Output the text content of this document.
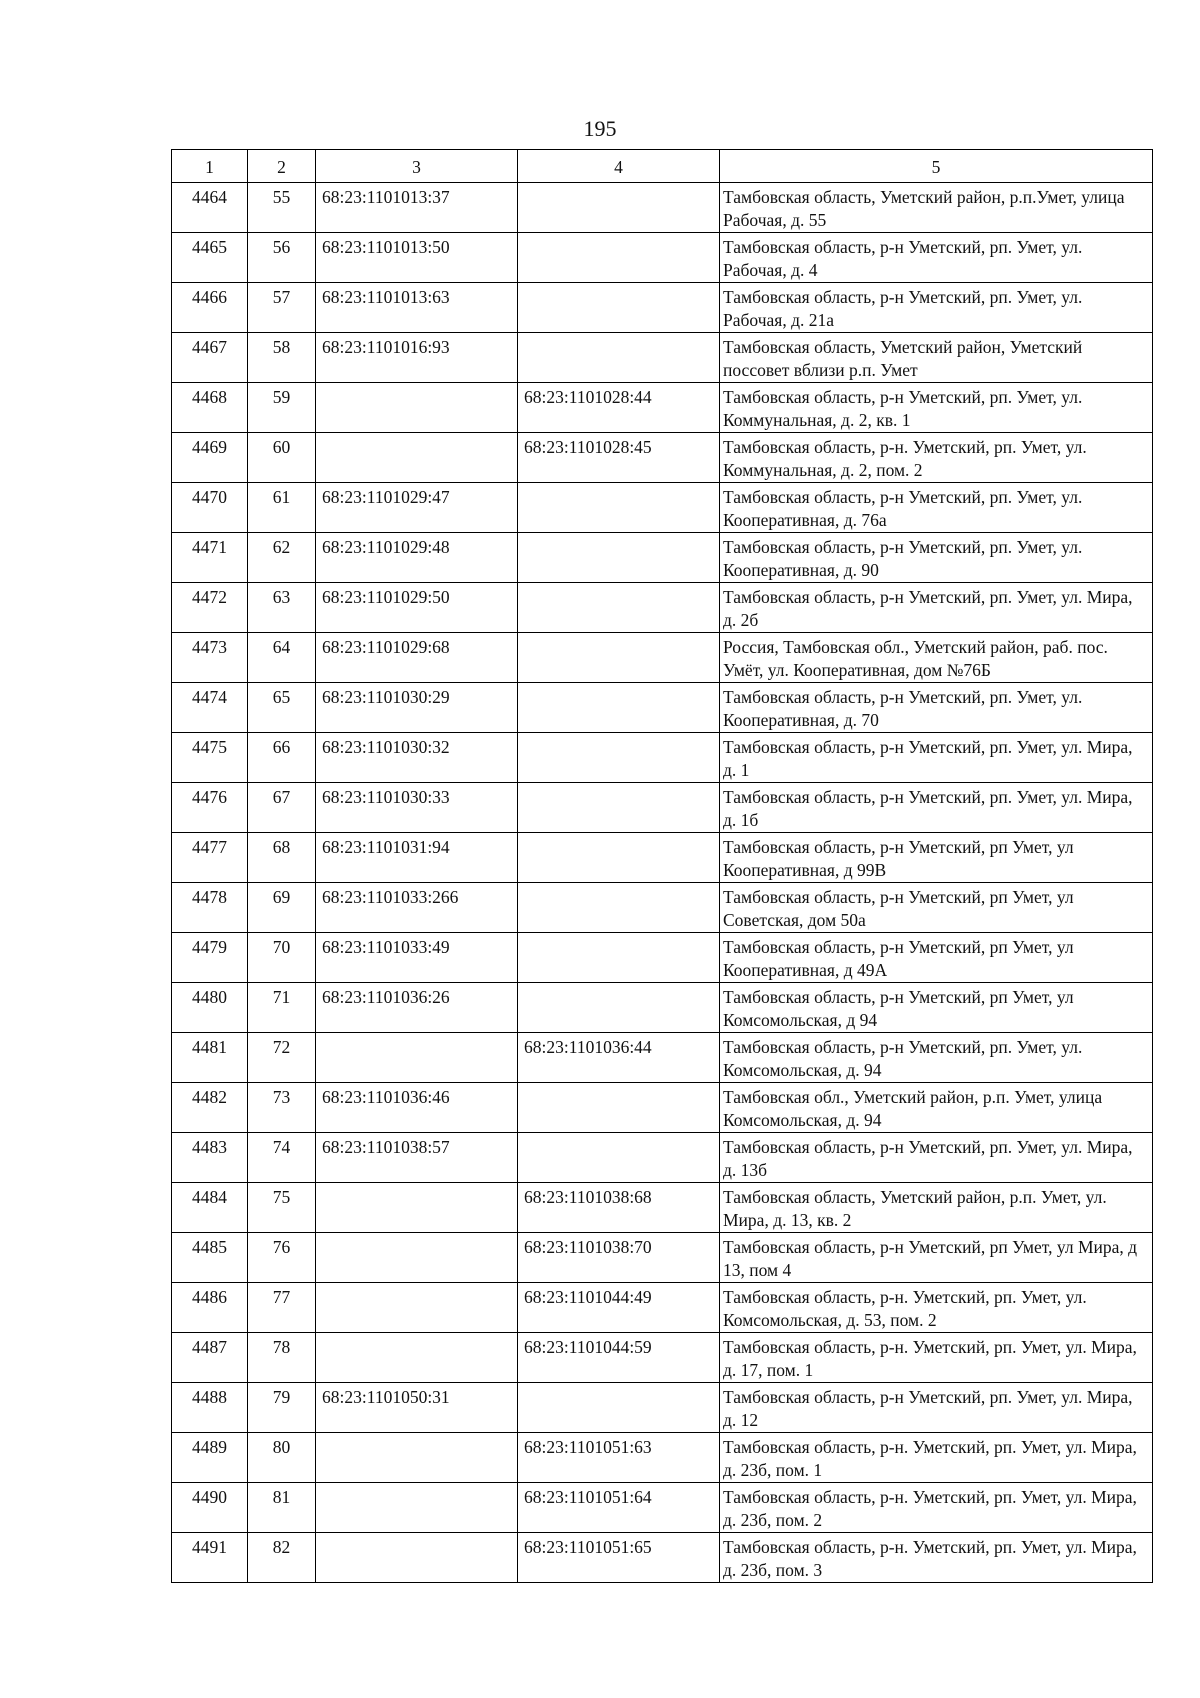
195
1	2	3	4	5
4464	55	68:23:1101013:37		Тамбовская область, Уметский район, р.п.Умет, улица Рабочая, д. 55
4465	56	68:23:1101013:50		Тамбовская область, р-н Уметский, рп. Умет, ул. Рабочая, д. 4
4466	57	68:23:1101013:63		Тамбовская область, р-н Уметский, рп. Умет, ул. Рабочая, д. 21а
4467	58	68:23:1101016:93		Тамбовская область, Уметский район, Уметский поссовет вблизи р.п. Умет
4468	59		68:23:1101028:44	Тамбовская область, р-н Уметский, рп. Умет, ул. Коммунальная, д. 2, кв. 1
4469	60		68:23:1101028:45	Тамбовская область, р-н. Уметский, рп. Умет, ул. Коммунальная, д. 2, пом. 2
4470	61	68:23:1101029:47		Тамбовская область, р-н Уметский, рп. Умет, ул. Кооперативная, д. 76а
4471	62	68:23:1101029:48		Тамбовская область, р-н Уметский, рп. Умет, ул. Кооперативная, д. 90
4472	63	68:23:1101029:50		Тамбовская область, р-н Уметский, рп. Умет, ул. Мира, д. 2б
4473	64	68:23:1101029:68		Россия, Тамбовская обл., Уметский район, раб. пос. Умёт, ул. Кооперативная, дом №76Б
4474	65	68:23:1101030:29		Тамбовская область, р-н Уметский, рп. Умет, ул. Кооперативная, д. 70
4475	66	68:23:1101030:32		Тамбовская область, р-н Уметский, рп. Умет, ул. Мира, д. 1
4476	67	68:23:1101030:33		Тамбовская область, р-н Уметский, рп. Умет, ул. Мира, д. 1б
4477	68	68:23:1101031:94		Тамбовская область, р-н Уметский, рп Умет, ул Кооперативная, д 99В
4478	69	68:23:1101033:266		Тамбовская область, р-н Уметский, рп Умет, ул Советская, дом 50а
4479	70	68:23:1101033:49		Тамбовская область, р-н Уметский, рп Умет, ул Кооперативная, д 49А
4480	71	68:23:1101036:26		Тамбовская область, р-н Уметский, рп Умет, ул Комсомольская, д 94
4481	72		68:23:1101036:44	Тамбовская область, р-н Уметский, рп. Умет, ул. Комсомольская, д. 94
4482	73	68:23:1101036:46		Тамбовская обл., Уметский район, р.п. Умет, улица Комсомольская, д. 94
4483	74	68:23:1101038:57		Тамбовская область, р-н Уметский, рп. Умет, ул. Мира, д. 13б
4484	75		68:23:1101038:68	Тамбовская область, Уметский район, р.п. Умет, ул. Мира, д. 13, кв. 2
4485	76		68:23:1101038:70	Тамбовская область, р-н Уметский, рп Умет, ул Мира, д 13, пом 4
4486	77		68:23:1101044:49	Тамбовская область, р-н. Уметский, рп. Умет, ул. Комсомольская, д. 53, пом. 2
4487	78		68:23:1101044:59	Тамбовская область, р-н. Уметский, рп. Умет, ул. Мира, д. 17, пом. 1
4488	79	68:23:1101050:31		Тамбовская область, р-н Уметский, рп. Умет, ул. Мира, д. 12
4489	80		68:23:1101051:63	Тамбовская область, р-н. Уметский, рп. Умет, ул. Мира, д. 23б, пом. 1
4490	81		68:23:1101051:64	Тамбовская область, р-н. Уметский, рп. Умет, ул. Мира, д. 23б, пом. 2
4491	82		68:23:1101051:65	Тамбовская область, р-н. Уметский, рп. Умет, ул. Мира, д. 23б, пом. 3
